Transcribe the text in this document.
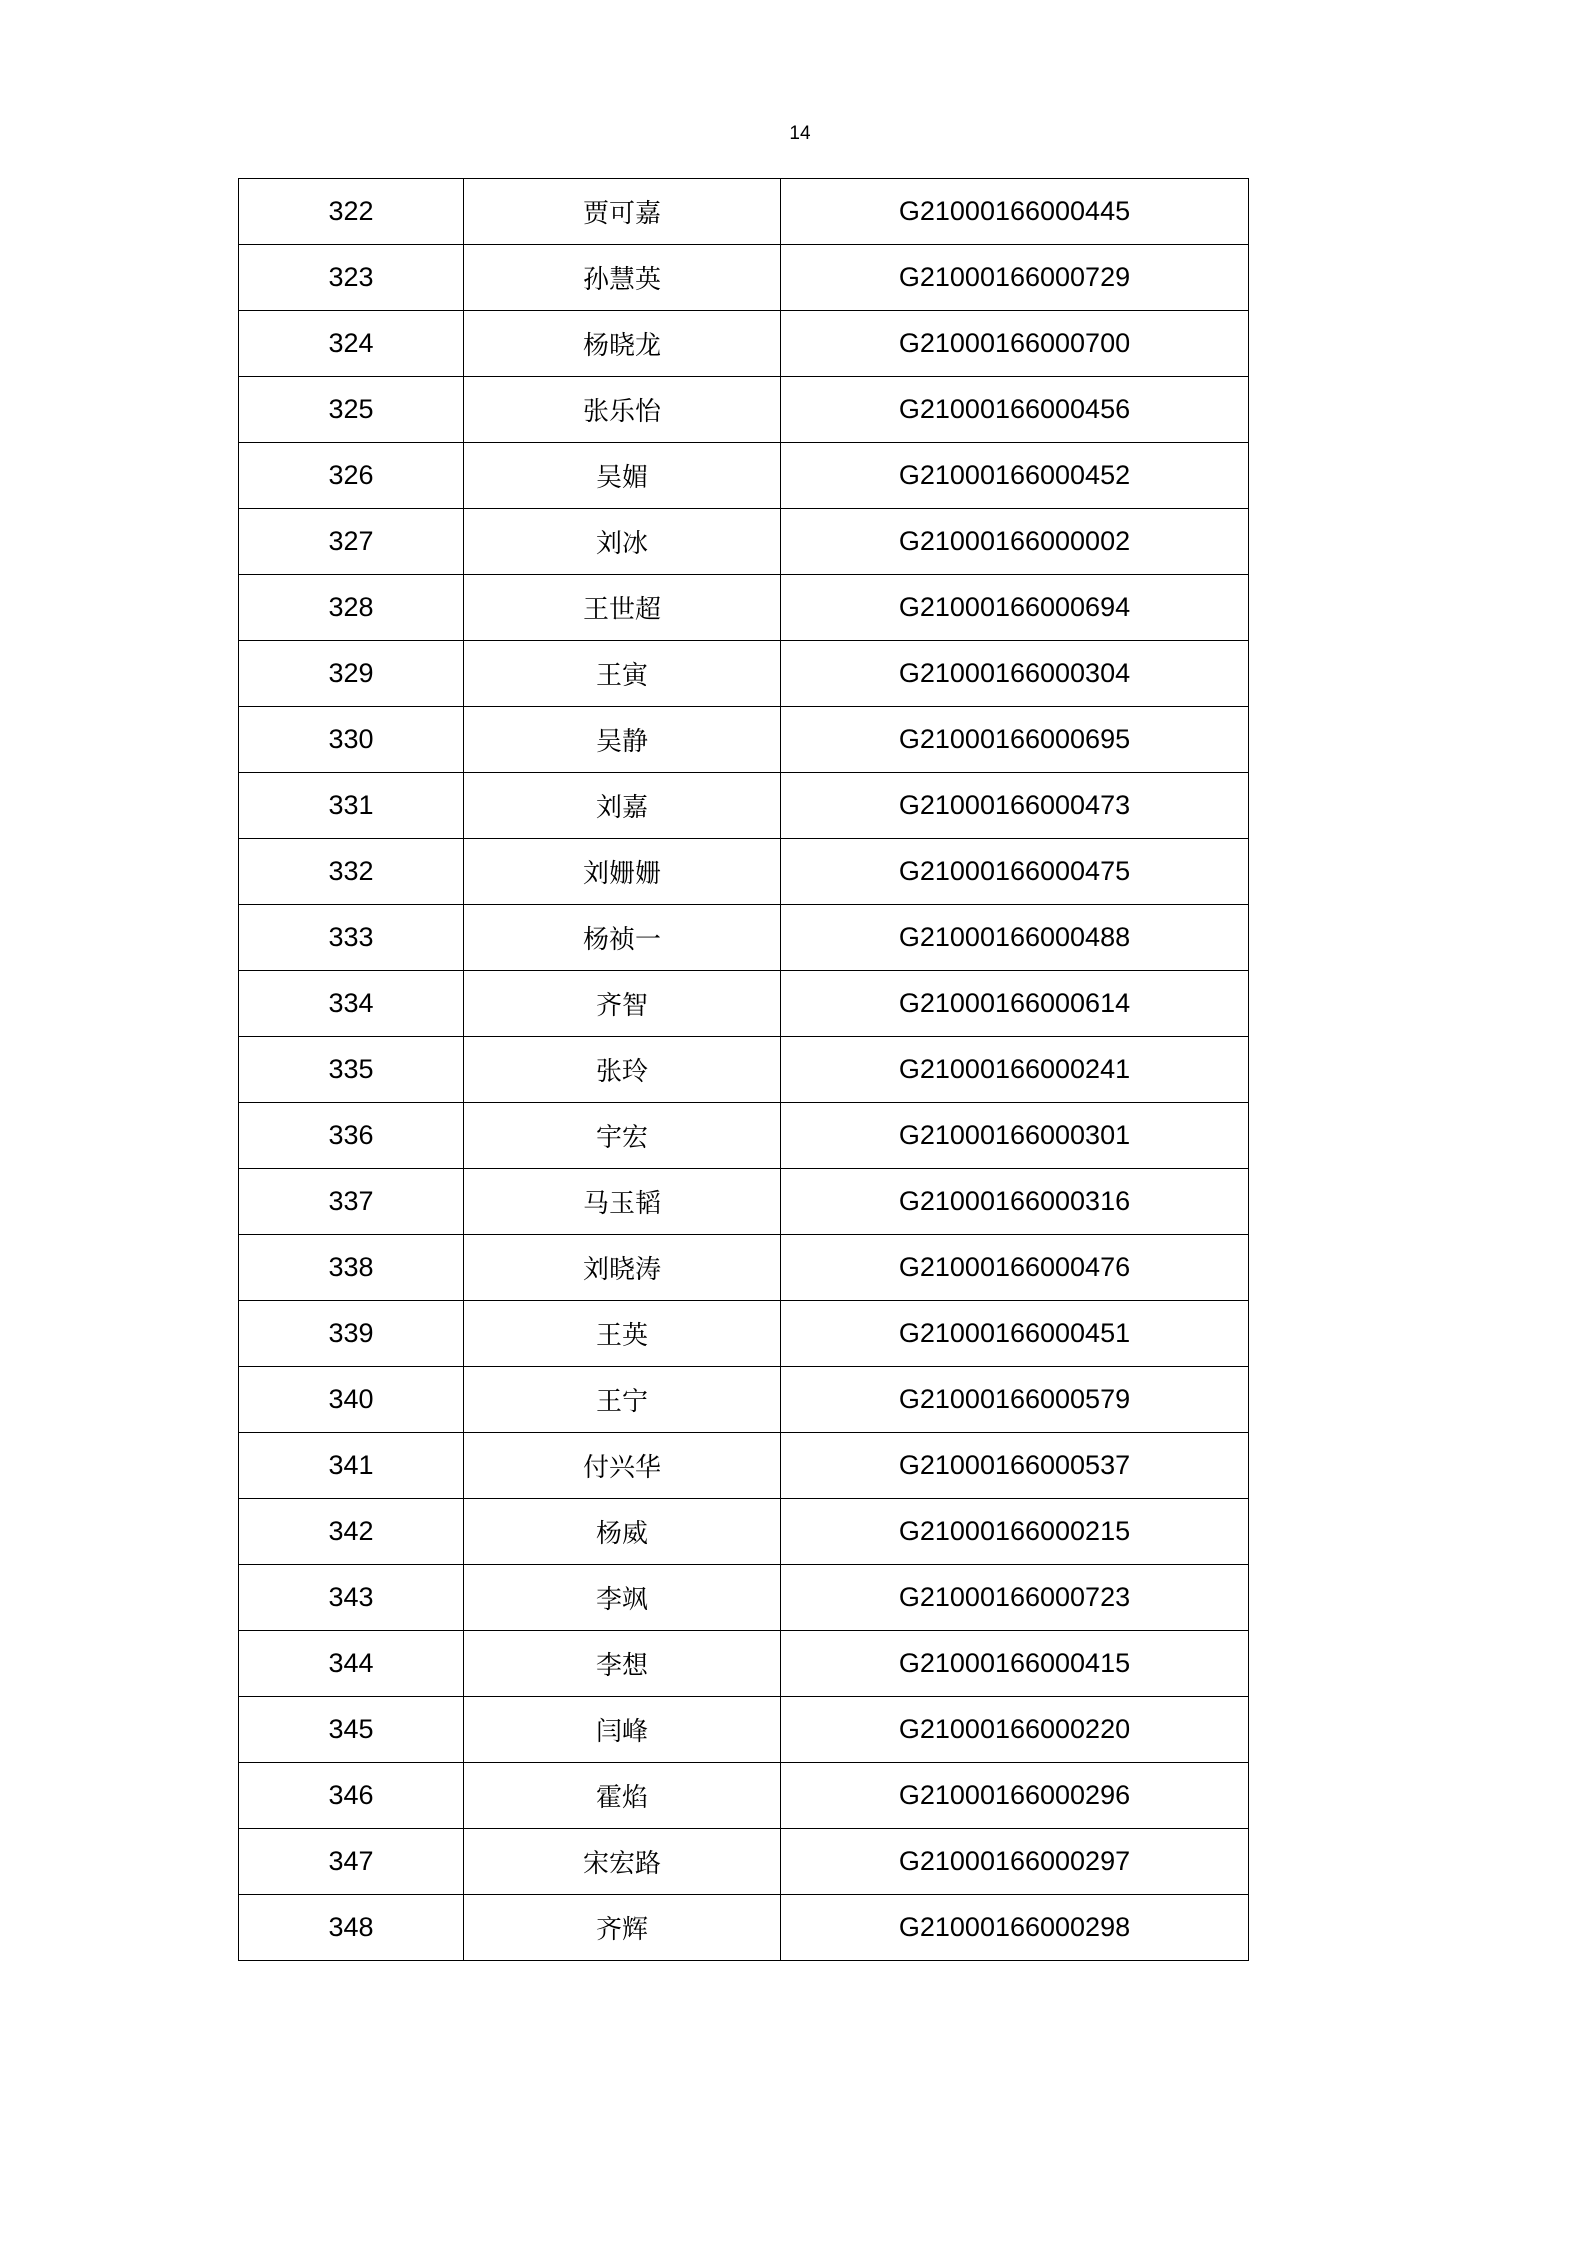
14
322	贾可嘉	G21000166000445
323	孙慧英	G21000166000729
324	杨晓龙	G21000166000700
325	张乐怡	G21000166000456
326	吴媚	G21000166000452
327	刘冰	G21000166000002
328	王世超	G21000166000694
329	王寅	G21000166000304
330	吴静	G21000166000695
331	刘嘉	G21000166000473
332	刘姗姗	G21000166000475
333	杨祯一	G21000166000488
334	齐智	G21000166000614
335	张玲	G21000166000241
336	宇宏	G21000166000301
337	马玉韬	G21000166000316
338	刘晓涛	G21000166000476
339	王英	G21000166000451
340	王宁	G21000166000579
341	付兴华	G21000166000537
342	杨威	G21000166000215
343	李飒	G21000166000723
344	李想	G21000166000415
345	闫峰	G21000166000220
346	霍焰	G21000166000296
347	宋宏路	G21000166000297
348	齐辉	G21000166000298
